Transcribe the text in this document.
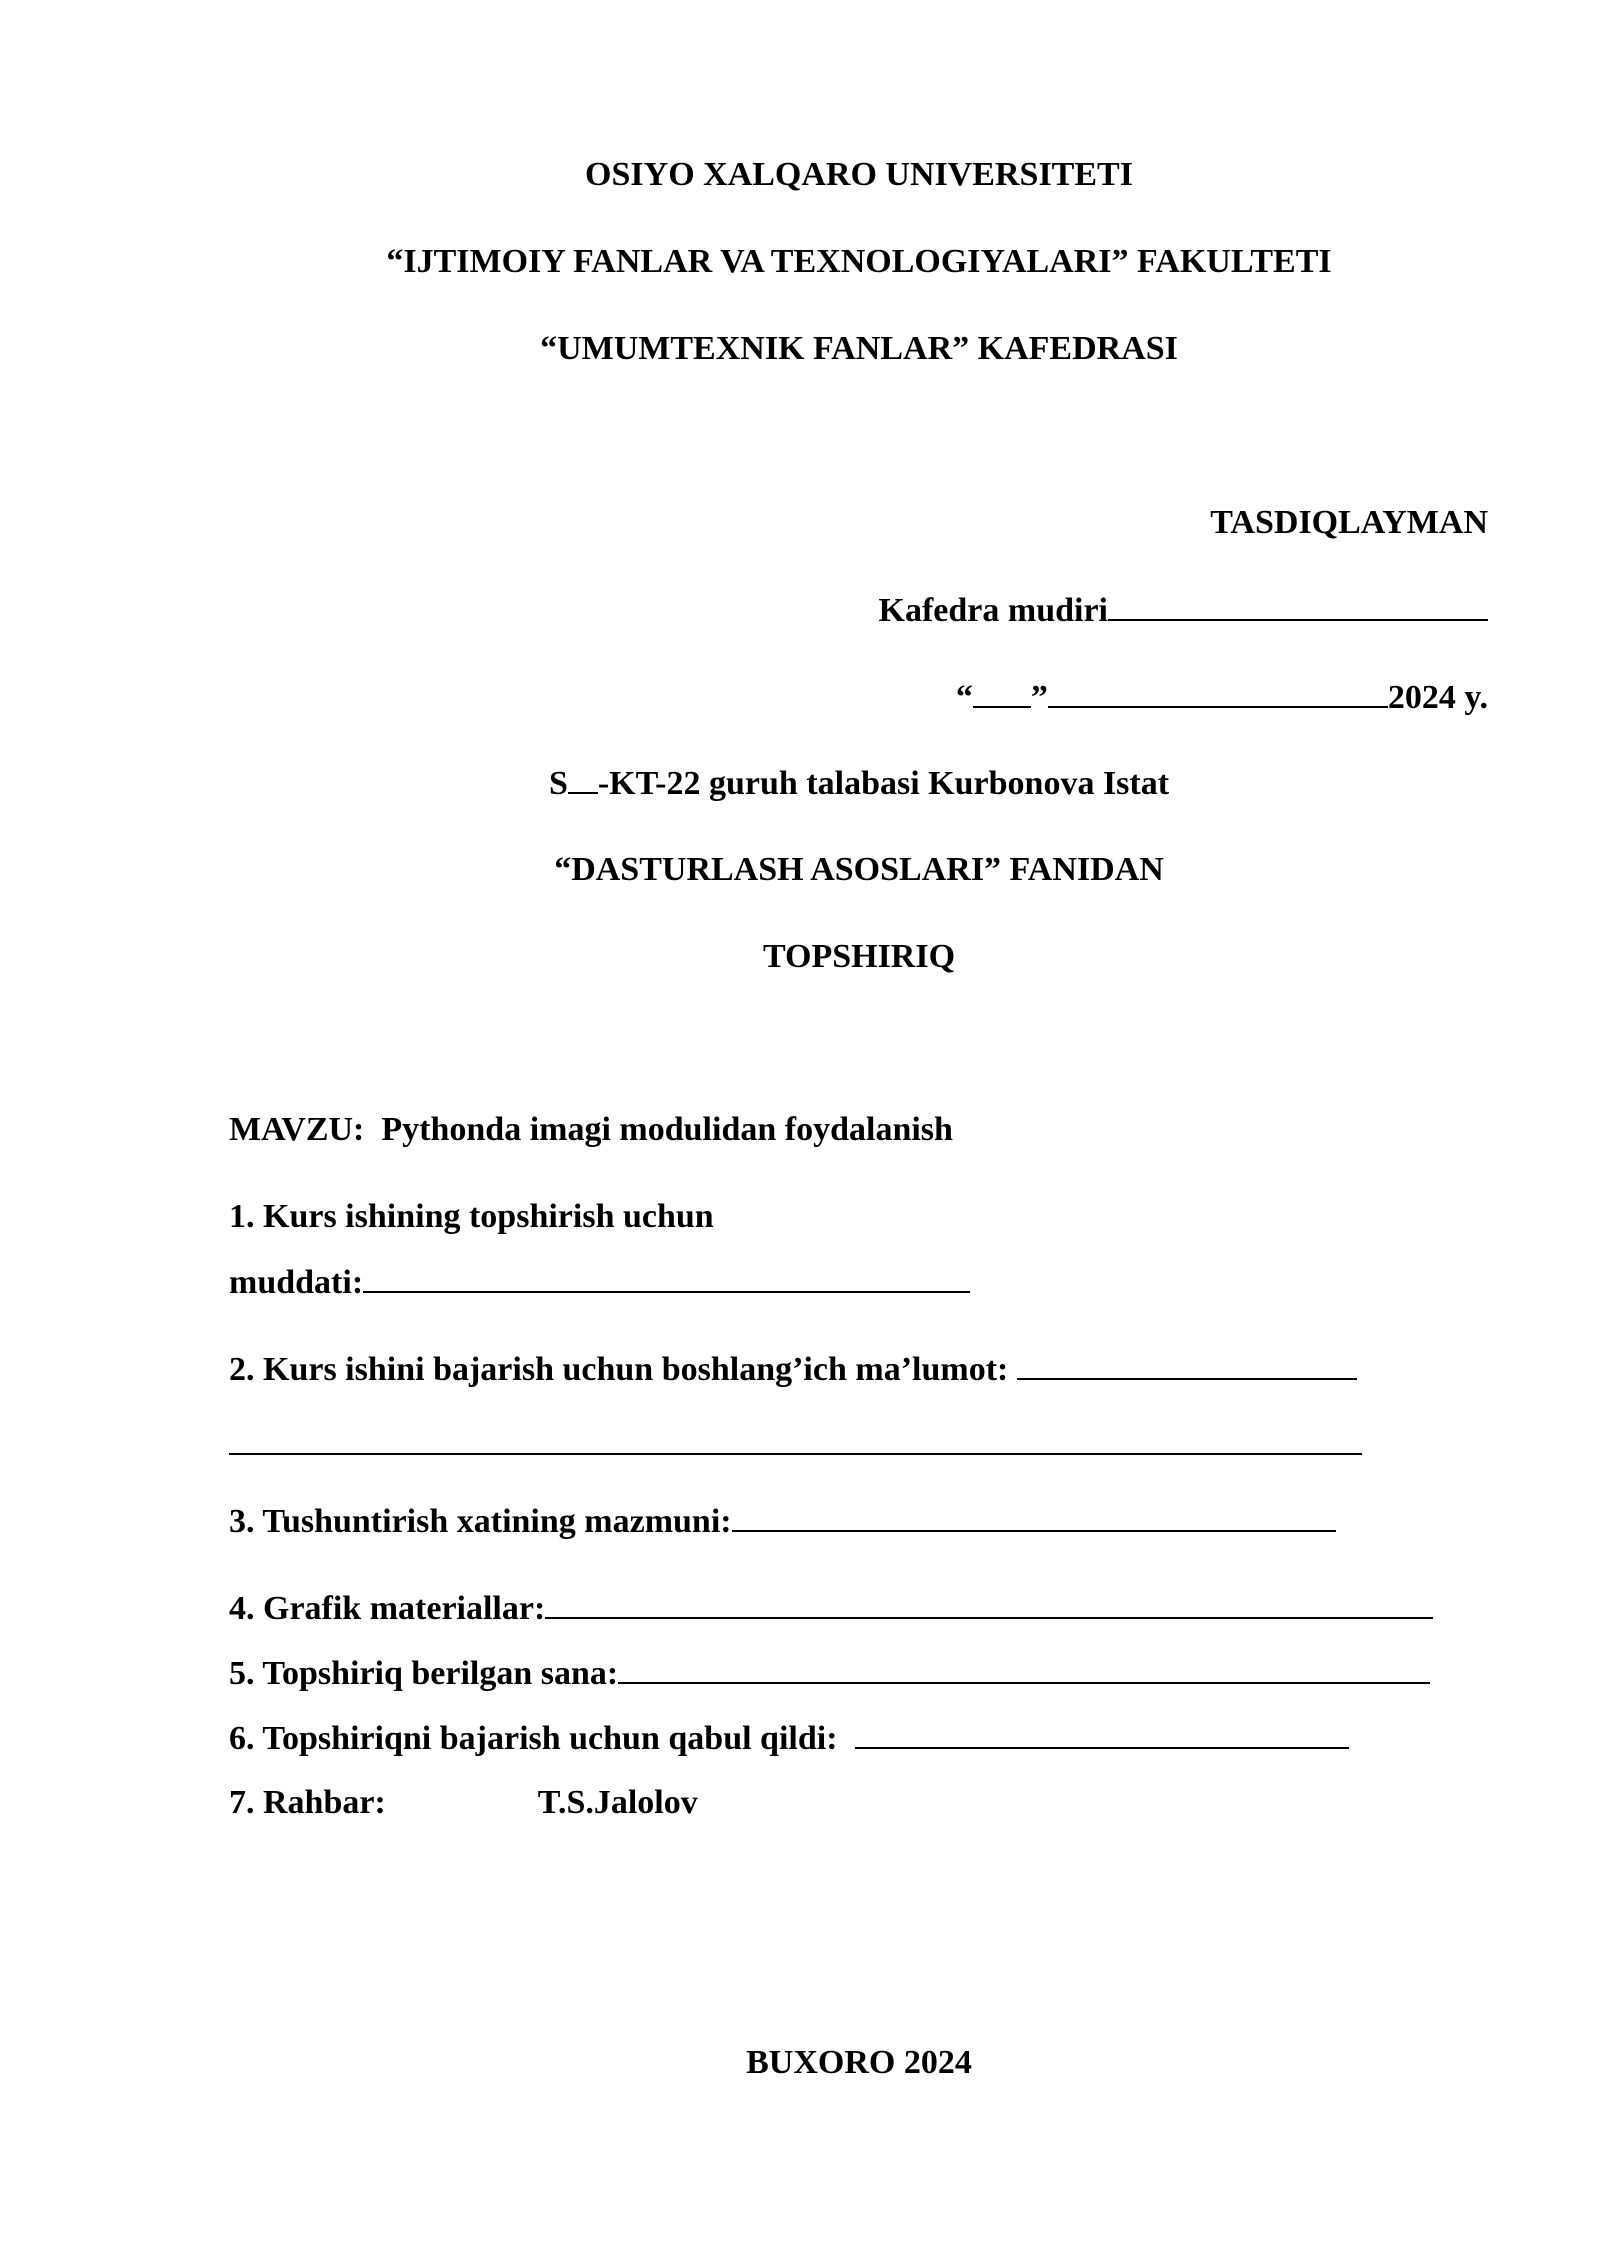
OSIYO XALQARO UNIVERSITETI
“IJTIMOIY FANLAR VA TEXNOLOGIYALARI” FAKULTETI
“UMUMTEXNIK FANLAR” KAFEDRASI
TASDIQLAYMAN
Kafedra mudiri
“ ”	2024 y.
S -KT-22 guruh talabasi Kurbonova Istat
“DASTURLASH ASOSLARI” FANIDAN
TOPSHIRIQ
MAVZU: Pythonda imagi modulidan foydalanish
1. Kurs ishining topshirish uchun
muddati:
2. Kurs ishini bajarish uchun boshlang’ich ma’lumot:
3. Tushuntirish xatining mazmuni:
4. Grafik materiallar:
5. Topshiriq berilgan sana:
6. Topshiriqni bajarish uchun qabul qildi:
7. Rahbar:	T.S.Jalolov
BUXORO 2024
